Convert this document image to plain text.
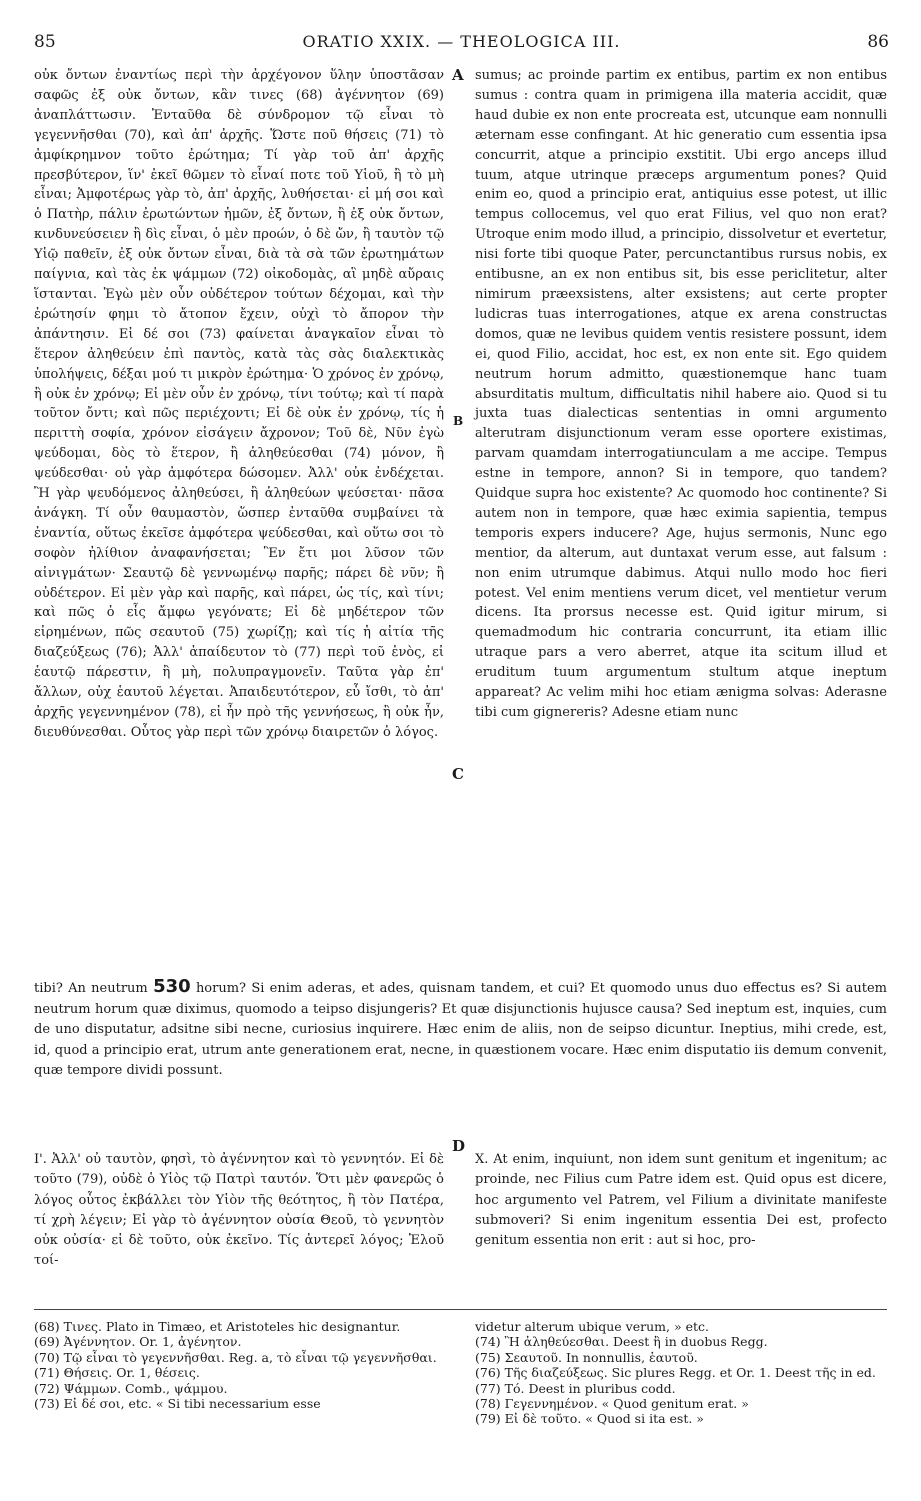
85	ORATIO XXIX. — THEOLOGICA III.	86

οὐκ ὄντων ἐναντίως περὶ τὴν ἀρχέγονον ὕλην ὑποστᾶσαν σαφῶς ἐξ οὐκ ὄντων, κἂν τινες (68) ἀγέννητον (69) ἀναπλάττωσιν. Ἐνταῦθα δὲ σύνδρομον τῷ εἶναι τὸ γεγεννῆσθαι (70), καὶ ἀπ' ἀρχῆς. Ὥστε ποῦ θήσεις (71) τὸ ἀμφίκρημνον τοῦτο ἐρώτημα; Τί γὰρ τοῦ ἀπ' ἀρχῆς πρεσβύτερον, ἵν' ἐκεῖ θῶμεν τὸ εἶναί ποτε τοῦ Υἱοῦ, ἢ τὸ μὴ εἶναι; Ἀμφοτέρως γὰρ τὸ, ἀπ' ἀρχῆς, λυθήσεται· εἰ μή σοι καὶ ὁ Πατὴρ, πάλιν ἐρωτώντων ἡμῶν, ἐξ ὄντων, ἢ ἐξ οὐκ ὄντων, κινδυνεύσειεν ἢ δὶς εἶναι, ὁ μὲν προών, ὁ δὲ ὤν, ἢ ταυτὸν τῷ Υἱῷ παθεῖν, ἐξ οὐκ ὄντων εἶναι, διὰ τὰ σὰ τῶν ἐρωτημάτων παίγνια, καὶ τὰς ἐκ ψάμμων (72) οἰκοδομὰς, αἳ μηδὲ αὔραις ἵστανται. Ἐγὼ μὲν οὖν οὐδέτερον τούτων δέχομαι, καὶ τὴν ἐρώτησίν φημι τὸ ἄτοπον ἔχειν, οὐχὶ τὸ ἄπορον τὴν ἀπάντησιν. Εἰ δέ σοι (73) φαίνεται ἀναγκαῖον εἶναι τὸ ἕτερον ἀληθεύειν ἐπὶ παντὸς, κατὰ τὰς σὰς διαλεκτικὰς ὑπολήψεις, δέξαι μού τι μικρὸν ἐρώτημα· Ὁ χρόνος ἐν χρόνῳ, ἢ οὐκ ἐν χρόνῳ; Εἰ μὲν οὖν ἐν χρόνῳ, τίνι τούτῳ; καὶ τί παρὰ τοῦτον ὄντι; καὶ πῶς περιέχοντι; Εἰ δὲ οὐκ ἐν χρόνῳ, τίς ἡ περιττὴ σοφία, χρόνον εἰσάγειν ἄχρονον; Τοῦ δὲ, Νῦν ἐγὼ ψεύδομαι, δὸς τὸ ἕτερον, ἢ ἀληθεύεσθαι (74) μόνον, ἢ ψεύδεσθαι· οὐ γὰρ ἀμφότερα δώσομεν. Ἀλλ' οὐκ ἐνδέχεται. Ἢ γὰρ ψευδόμενος ἀληθεύσει, ἢ ἀληθεύων ψεύσεται· πᾶσα ἀνάγκη. Τί οὖν θαυμαστὸν, ὥσπερ ἐνταῦθα συμβαίνει τὰ ἐναντία, οὕτως ἐκεῖσε ἀμφότερα ψεύδεσθαι, καὶ οὕτω σοι τὸ σοφὸν ἠλίθιον ἀναφανήσεται; Ἓν ἔτι μοι λῦσον τῶν αἰνιγμάτων· Σεαυτῷ δὲ γεννωμένῳ παρῆς; πάρει δὲ νῦν; ἢ οὐδέτερον. Εἰ μὲν γὰρ καὶ παρῆς, καὶ πάρει, ὡς τίς, καὶ τίνι; καὶ πῶς ὁ εἷς ἄμφω γεγόνατε; Εἰ δὲ μηδέτερον τῶν εἰρημένων, πῶς σεαυτοῦ (75) χωρίζῃ; καὶ τίς ἡ αἰτία τῆς διαζεύξεως (76); Ἀλλ' ἀπαίδευτον τὸ (77) περὶ τοῦ ἑνὸς, εἰ ἑαυτῷ πάρεστιν, ἢ μὴ, πολυπραγμονεῖν. Ταῦτα γὰρ ἐπ' ἄλλων, οὐχ ἑαυτοῦ λέγεται. Ἀπαιδευτότερον, εὖ ἴσθι, τὸ ἀπ' ἀρχῆς γεγεννημένον (78), εἰ ἦν πρὸ τῆς γεννήσεως, ἢ οὐκ ἦν, διευθύνεσθαι. Οὗτος γὰρ περὶ τῶν χρόνῳ διαιρετῶν ὁ λόγος.

A
B
C
D

sumus; ac proinde partim ex entibus, partim ex non entibus sumus : contra quam in primigena illa materia accidit, quæ haud dubie ex non ente procreata est, utcunque eam nonnulli æternam esse confingant. At hic generatio cum essentia ipsa concurrit, atque a principio exstitit. Ubi ergo anceps illud tuum, atque utrinque præceps argumentum pones? Quid enim eo, quod a principio erat, antiquius esse potest, ut illic tempus collocemus, vel quo erat Filius, vel quo non erat? Utroque enim modo illud, a principio, dissolvetur et evertetur, nisi forte tibi quoque Pater, percunctantibus rursus nobis, ex entibusne, an ex non entibus sit, bis esse periclitetur, alter nimirum præexsistens, alter exsistens; aut certe propter ludicras tuas interrogationes, atque ex arena constructas domos, quæ ne levibus quidem ventis resistere possunt, idem ei, quod Filio, accidat, hoc est, ex non ente sit. Ego quidem neutrum horum admitto, quæstionemque hanc tuam absurditatis multum, difficultatis nihil habere aio. Quod si tu juxta tuas dialecticas sententias in omni argumento alterutram disjunctionum veram esse oportere existimas, parvam quamdam interrogatiunculam a me accipe. Tempus estne in tempore, annon? Si in tempore, quo tandem? Quidque supra hoc existente? Ac quomodo hoc continente? Si autem non in tempore, quæ hæc eximia sapientia, tempus temporis expers inducere? Age, hujus sermonis, Nunc ego mentior, da alterum, aut duntaxat verum esse, aut falsum : non enim utrumque dabimus. Atqui nullo modo hoc fieri potest. Vel enim mentiens verum dicet, vel mentietur verum dicens. Ita prorsus necesse est. Quid igitur mirum, si quemadmodum hic contraria concurrunt, ita etiam illic utraque pars a vero aberret, atque ita scitum illud et eruditum tuum argumentum stultum atque ineptum appareat? Ac velim mihi hoc etiam ænigma solvas: Aderasne tibi cum gignereris? Adesne etiam nunc

tibi? An neutrum 530 horum? Si enim aderas, et ades, quisnam tandem, et cui? Et quomodo unus duo effectus es? Si autem neutrum horum quæ diximus, quomodo a teipso disjungeris? Et quæ disjunctionis hujusce causa? Sed ineptum est, inquies, cum de uno disputatur, adsitne sibi necne, curiosius inquirere. Hæc enim de aliis, non de seipso dicuntur. Ineptius, mihi crede, est, id, quod a principio erat, utrum ante generationem erat, necne, in quæstionem vocare. Hæc enim disputatio iis demum convenit, quæ tempore dividi possunt.

Ι'. Ἀλλ' οὐ ταυτὸν, φησὶ, τὸ ἀγέννητον καὶ τὸ γεννητόν. Εἰ δὲ τοῦτο (79), οὐδὲ ὁ Υἱὸς τῷ Πατρὶ ταυτόν. Ὅτι μὲν φανερῶς ὁ λόγος οὗτος ἐκβάλλει τὸν Υἱὸν τῆς θεότητος, ἢ τὸν Πατέρα, τί χρὴ λέγειν; Εἰ γὰρ τὸ ἀγέννητον οὐσία Θεοῦ, τὸ γεννητὸν οὐκ οὐσία· εἰ δὲ τοῦτο, οὐκ ἐκεῖνο. Τίς ἀντερεῖ λόγος; Ἐλοῦ τοί-

X. At enim, inquiunt, non idem sunt genitum et ingenitum; ac proinde, nec Filius cum Patre idem est. Quid opus est dicere, hoc argumento vel Patrem, vel Filium a divinitate manifeste submoveri? Si enim ingenitum essentia Dei est, profecto genitum essentia non erit : aut si hoc, pro-

(68) Τινες. Plato in Timæo, et Aristoteles hic designantur.

(69) Ἀγέννητον. Or. 1, ἀγένητον.

(70) Τῷ εἶναι τὸ γεγεννῆσθαι. Reg. a, τὸ εἶναι τῷ γεγεννῆσθαι.

(71) Θήσεις. Or. 1, θέσεις.

(72) Ψάμμων. Comb., ψάμμου.

(73) Εἰ δέ σοι, etc. « Si tibi necessarium esse

videtur alterum ubique verum, » etc.

(74) Ἢ ἀληθεύεσθαι. Deest ἢ in duobus Regg.

(75) Σεαυτοῦ. In nonnullis, ἑαυτοῦ.

(76) Τῆς διαζεύξεως. Sic plures Regg. et Or. 1. Deest τῆς in ed.

(77) Τό. Deest in pluribus codd.

(78) Γεγεννημένον. « Quod genitum erat. »

(79) Εἰ δὲ τοῦτο. « Quod si ita est. »
